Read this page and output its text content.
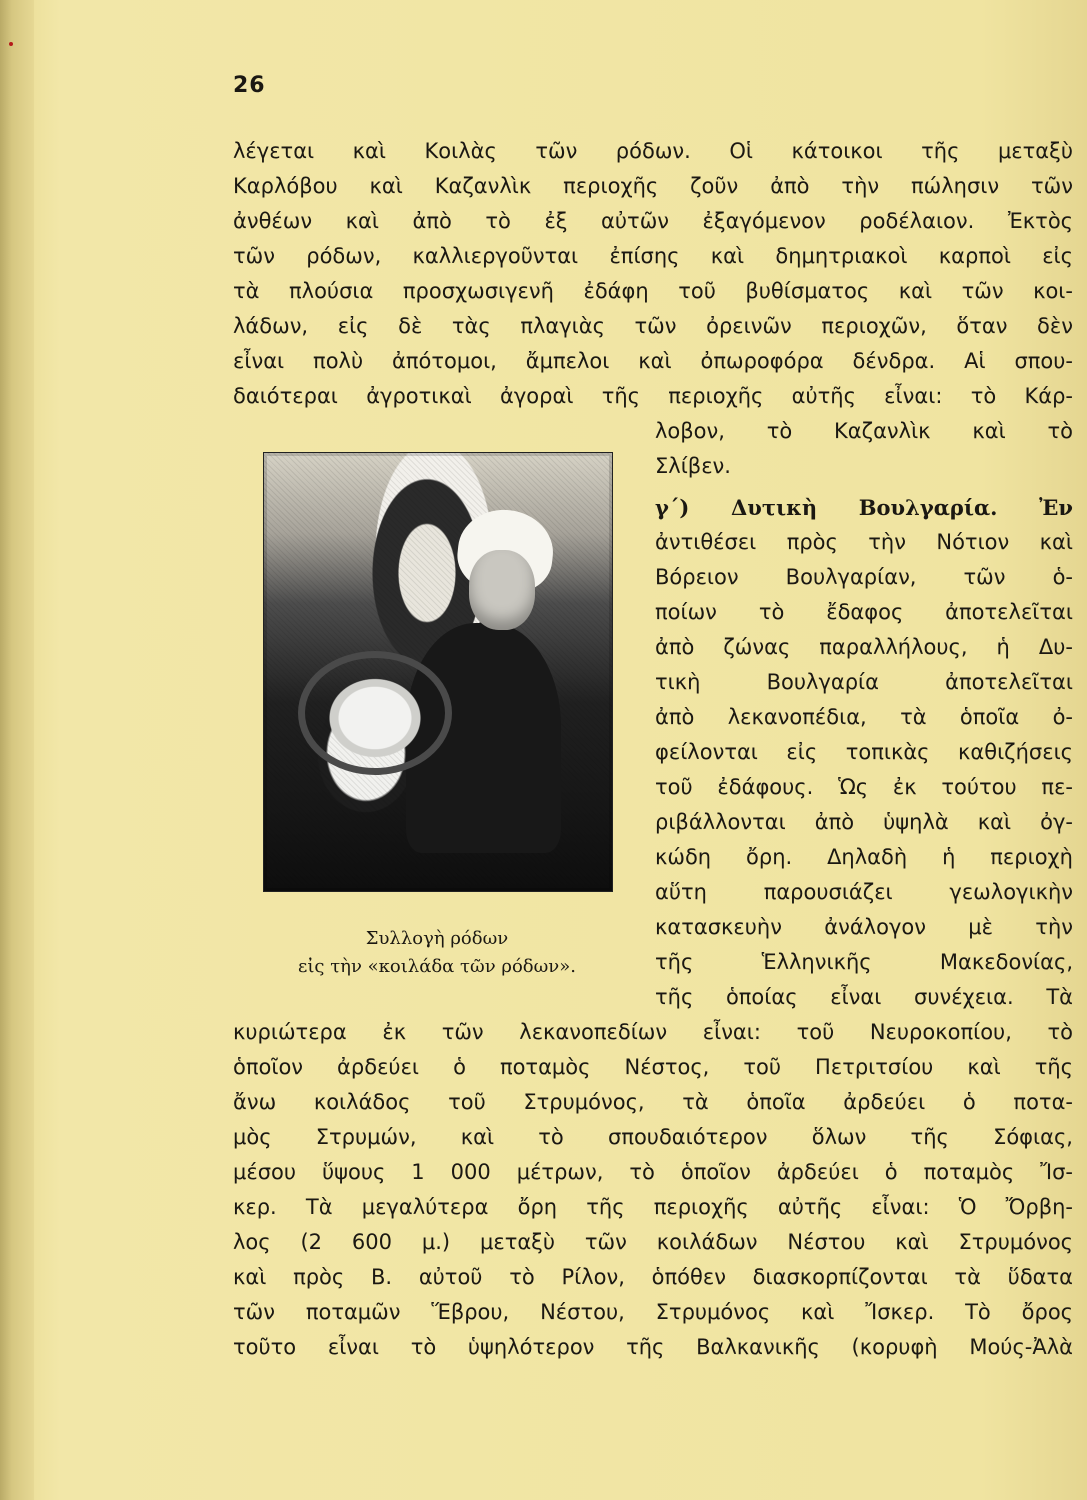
26
λέγεται καὶ Κοιλὰς τῶν ρόδων. Οἱ κάτοικοι τῆς μεταξὺ
Καρλόβου καὶ Καζανλὶκ περιοχῆς ζοῦν ἀπὸ τὴν πώλησιν τῶν
ἀνθέων καὶ ἀπὸ τὸ ἐξ αὐτῶν ἐξαγόμενον ροδέλαιον. Ἐκτὸς
τῶν ρόδων, καλλιεργοῦνται ἐπίσης καὶ δημητριακοὶ καρποὶ εἰς
τὰ πλούσια προσχωσιγενῆ ἐδάφη τοῦ βυθίσματος καὶ τῶν κοι-
λάδων, εἰς δὲ τὰς πλαγιὰς τῶν ὀρεινῶν περιοχῶν, ὅταν δὲν
εἶναι πολὺ ἀπότομοι, ἄμπελοι καὶ ὀπωροφόρα δένδρα. Αἱ σπου-
δαιότεραι ἀγροτικαὶ ἀγοραὶ τῆς περιοχῆς αὐτῆς εἶναι: τὸ Κάρ-
λοβον, τὸ Καζανλὶκ καὶ τὸ
Σλίβεν.
γ΄) Δυτικὴ Βουλγαρία. Ἐν
ἀντιθέσει πρὸς τὴν Νότιον καὶ
Βόρειον Βουλγαρίαν, τῶν ὁ-
ποίων τὸ ἔδαφος ἀποτελεῖται
ἀπὸ ζώνας παραλλήλους, ἡ Δυ-
τικὴ Βουλγαρία ἀποτελεῖται
ἀπὸ λεκανοπέδια, τὰ ὁποῖα ὀ-
φείλονται εἰς τοπικὰς καθιζήσεις
τοῦ ἐδάφους. Ὡς ἐκ τούτου πε-
ριβάλλονται ἀπὸ ὑψηλὰ καὶ ὀγ-
κώδη ὄρη. Δηλαδὴ ἡ περιοχὴ
αὕτη παρουσιάζει γεωλογικὴν
κατασκευὴν ἀνάλογον μὲ τὴν
τῆς Ἑλληνικῆς Μακεδονίας,
τῆς ὁποίας εἶναι συνέχεια. Τὰ
Συλλογὴ ρόδων
εἰς τὴν «κοιλάδα τῶν ρόδων».
κυριώτερα ἐκ τῶν λεκανοπεδίων εἶναι: τοῦ Νευροκοπίου, τὸ
ὁποῖον ἀρδεύει ὁ ποταμὸς Νέστος, τοῦ Πετριτσίου καὶ τῆς
ἄνω κοιλάδος τοῦ Στρυμόνος, τὰ ὁποῖα ἀρδεύει ὁ ποτα-
μὸς Στρυμών, καὶ τὸ σπουδαιότερον ὅλων τῆς Σόφιας,
μέσου ὕψους 1 000 μέτρων, τὸ ὁποῖον ἀρδεύει ὁ ποταμὸς Ἴσ-
κερ. Τὰ μεγαλύτερα ὄρη τῆς περιοχῆς αὐτῆς εἶναι: Ὁ Ὄρβη-
λος (2 600 μ.) μεταξὺ τῶν κοιλάδων Νέστου καὶ Στρυμόνος
καὶ πρὸς Β. αὐτοῦ τὸ Ρίλον, ὁπόθεν διασκορπίζονται τὰ ὕδατα
τῶν ποταμῶν Ἕβρου, Νέστου, Στρυμόνος καὶ Ἴσκερ. Τὸ ὄρος
τοῦτο εἶναι τὸ ὑψηλότερον τῆς Βαλκανικῆς (κορυφὴ Μούς-Ἀλὰ
